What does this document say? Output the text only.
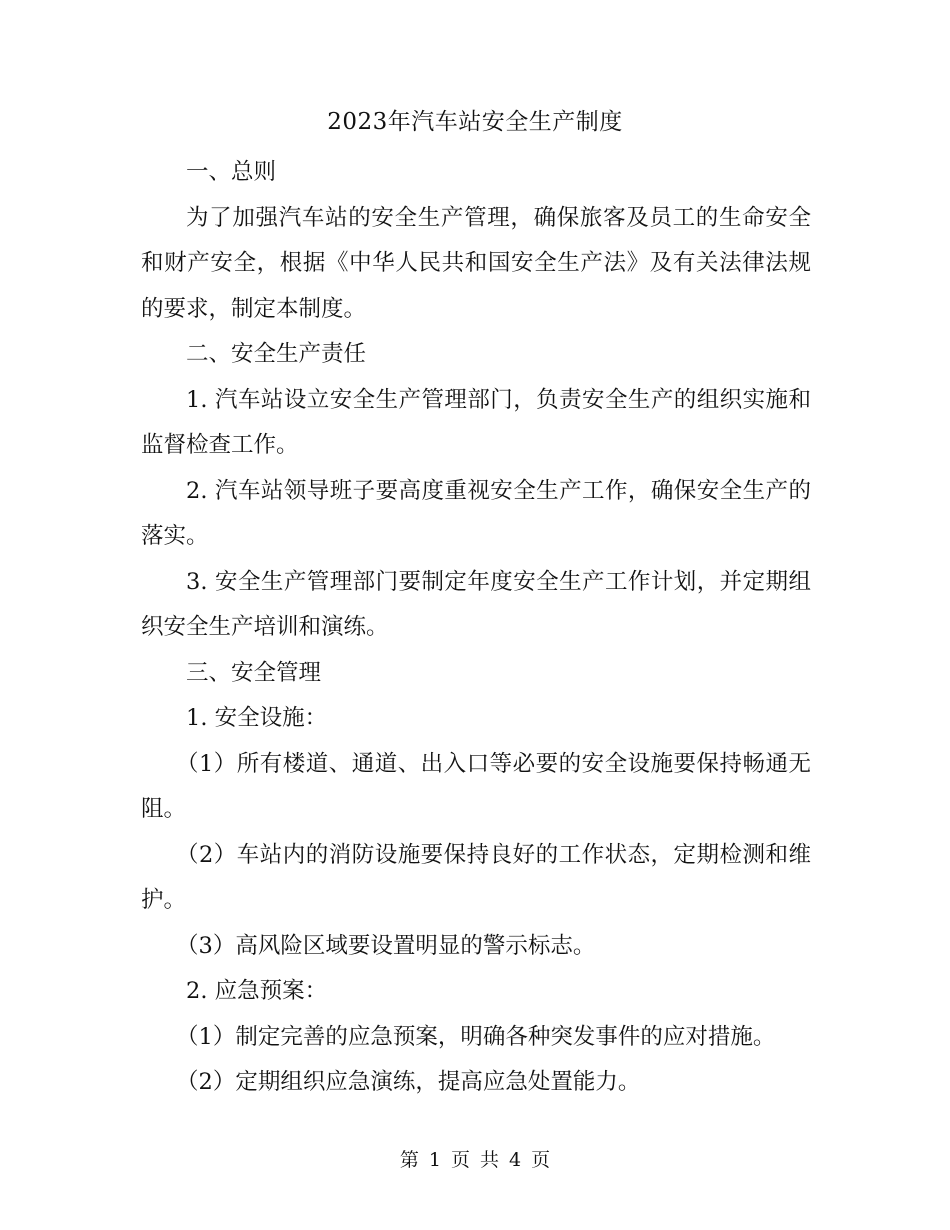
2023年汽车站安全生产制度

一、总则

为了加强汽车站的安全生产管理，确保旅客及员工的生命安全和财产安全，根据《中华人民共和国安全生产法》及有关法律法规的要求，制定本制度。

二、安全生产责任

1. 汽车站设立安全生产管理部门，负责安全生产的组织实施和监督检查工作。

2. 汽车站领导班子要高度重视安全生产工作，确保安全生产的落实。

3. 安全生产管理部门要制定年度安全生产工作计划，并定期组织安全生产培训和演练。

三、安全管理

1. 安全设施：

（1）所有楼道、通道、出入口等必要的安全设施要保持畅通无阻。

（2）车站内的消防设施要保持良好的工作状态，定期检测和维护。

（3）高风险区域要设置明显的警示标志。

2. 应急预案：

（1）制定完善的应急预案，明确各种突发事件的应对措施。

（2）定期组织应急演练，提高应急处置能力。

第 1 页 共 4 页
